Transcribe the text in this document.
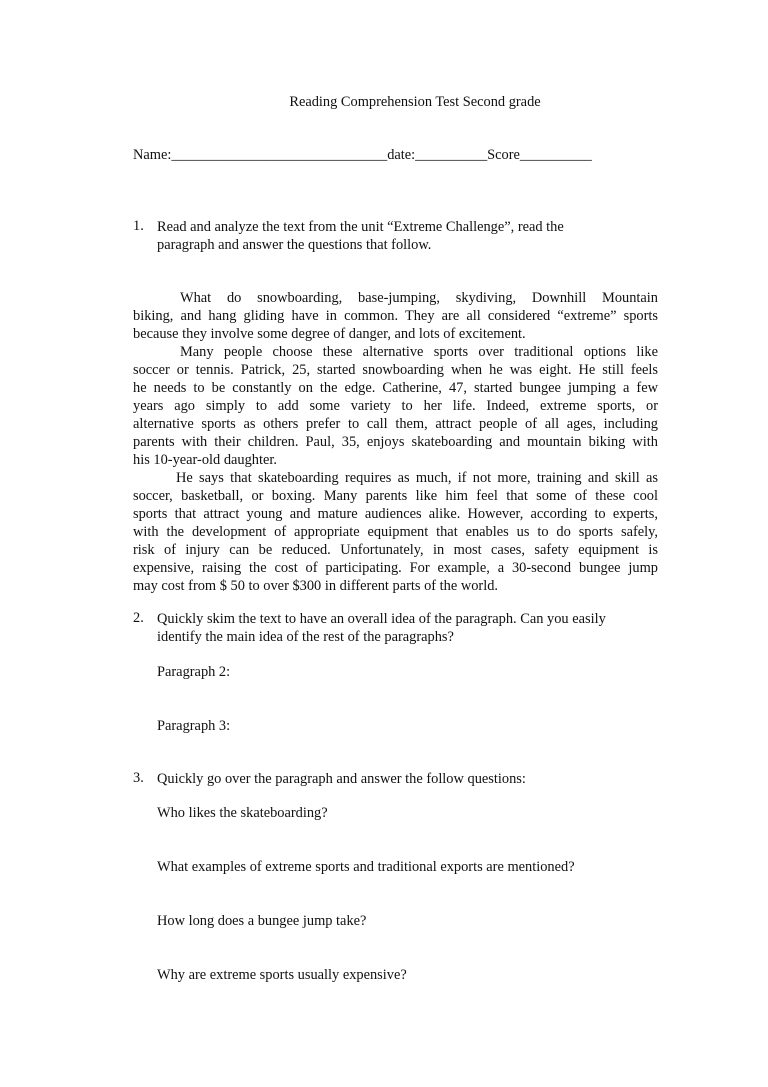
Reading Comprehension Test Second grade
Name:______________________________date:__________Score__________
1. Read and analyze the text from the unit “Extreme Challenge”, read the
paragraph and answer the questions that follow.

What do snowboarding, base-jumping, skydiving, Downhill Mountain
biking, and hang gliding have in common. They are all considered “extreme” sports
because they involve some degree of danger, and lots of excitement.

Many people choose these alternative sports over traditional options like
soccer or tennis. Patrick, 25, started snowboarding when he was eight. He still feels
he needs to be constantly on the edge. Catherine, 47, started bungee jumping a few
years ago simply to add some variety to her life. Indeed, extreme sports, or
alternative sports as others prefer to call them, attract people of all ages, including
parents with their children. Paul, 35, enjoys skateboarding and mountain biking with
his 10-year-old daughter.

He says that skateboarding requires as much, if not more, training and skill as
soccer, basketball, or boxing. Many parents like him feel that some of these cool
sports that attract young and mature audiences alike. However, according to experts,
with the development of appropriate equipment that enables us to do sports safely,
risk of injury can be reduced. Unfortunately, in most cases, safety equipment is
expensive, raising the cost of participating. For example, a 30-second bungee jump
may cost from $ 50 to over $300 in different parts of the world.

2. Quickly skim the text to have an overall idea of the paragraph. Can you easily
identify the main idea of the rest of the paragraphs?
Paragraph 2:
Paragraph 3:
3. Quickly go over the paragraph and answer the follow questions:
Who likes the skateboarding?
What examples of extreme sports and traditional exports are mentioned?
How long does a bungee jump take?
Why are extreme sports usually expensive?
